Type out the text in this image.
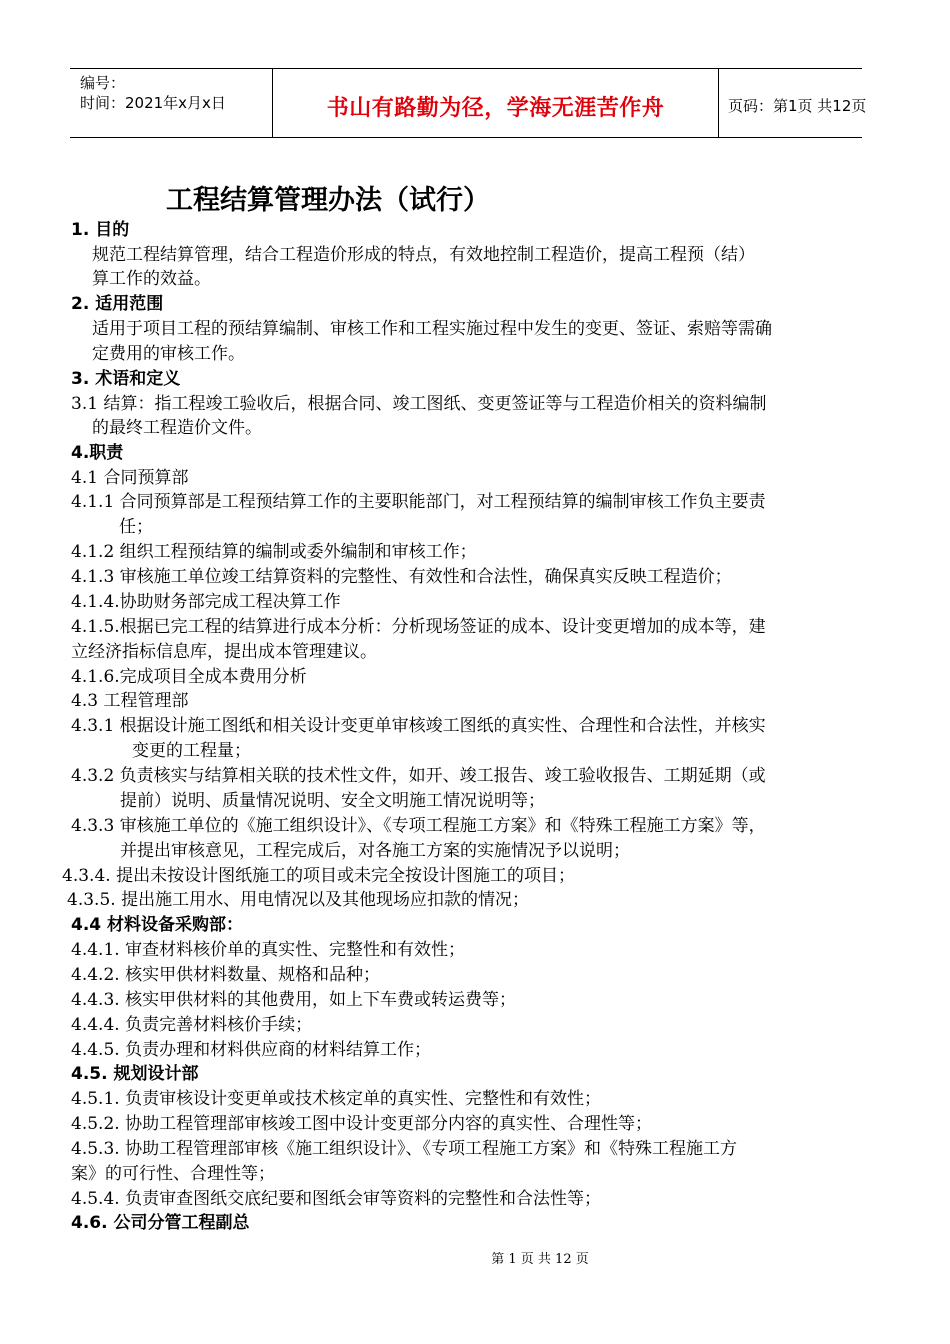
编号：
时间：2021年x月x日	书山有路勤为径，学海无涯苦作舟	页码：第1页 共12页
工程结算管理办法（试行）
1. 目的
规范工程结算管理，结合工程造价形成的特点，有效地控制工程造价，提高工程预（结）
算工作的效益。
2. 适用范围
适用于项目工程的预结算编制、审核工作和工程实施过程中发生的变更、签证、索赔等需确
定费用的审核工作。
3. 术语和定义
3.1 结算：指工程竣工验收后，根据合同、竣工图纸、变更签证等与工程造价相关的资料编制
的最终工程造价文件。
4.职责
4.1 合同预算部
4.1.1 合同预算部是工程预结算工作的主要职能部门，对工程预结算的编制审核工作负主要责
任；
4.1.2 组织工程预结算的编制或委外编制和审核工作；
4.1.3 审核施工单位竣工结算资料的完整性、有效性和合法性，确保真实反映工程造价；
4.1.4.协助财务部完成工程决算工作
4.1.5.根据已完工程的结算进行成本分析：分析现场签证的成本、设计变更增加的成本等，建
立经济指标信息库，提出成本管理建议。
4.1.6.完成项目全成本费用分析
4.3 工程管理部
4.3.1 根据设计施工图纸和相关设计变更单审核竣工图纸的真实性、合理性和合法性，并核实
变更的工程量；
4.3.2 负责核实与结算相关联的技术性文件，如开、竣工报告、竣工验收报告、工期延期（或
提前）说明、质量情况说明、安全文明施工情况说明等；
4.3.3 审核施工单位的《施工组织设计》、《专项工程施工方案》和《特殊工程施工方案》等，
并提出审核意见，工程完成后，对各施工方案的实施情况予以说明；
4.3.4. 提出未按设计图纸施工的项目或未完全按设计图施工的项目；
4.3.5. 提出施工用水、用电情况以及其他现场应扣款的情况；
4.4 材料设备采购部：
4.4.1. 审查材料核价单的真实性、完整性和有效性；
4.4.2. 核实甲供材料数量、规格和品种；
4.4.3. 核实甲供材料的其他费用，如上下车费或转运费等；
4.4.4. 负责完善材料核价手续；
4.4.5. 负责办理和材料供应商的材料结算工作；
4.5. 规划设计部
4.5.1. 负责审核设计变更单或技术核定单的真实性、完整性和有效性；
4.5.2. 协助工程管理部审核竣工图中设计变更部分内容的真实性、合理性等；
4.5.3. 协助工程管理部审核《施工组织设计》、《专项工程施工方案》和《特殊工程施工方
案》的可行性、合理性等；
4.5.4. 负责审查图纸交底纪要和图纸会审等资料的完整性和合法性等；
4.6. 公司分管工程副总
第 1 页 共 12 页
